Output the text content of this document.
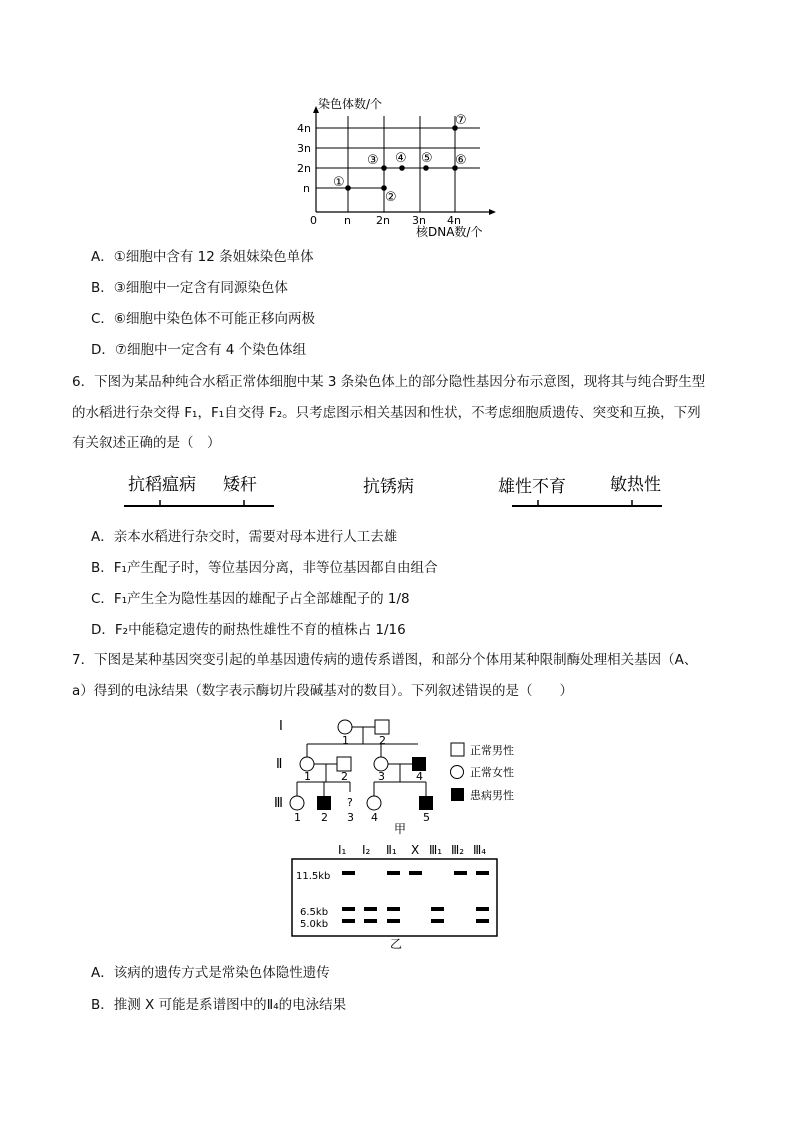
染色体数/个
0 n 2n 3n 4n
核DNA数/个
n
2n
3n
4n
①
②
③ ④ ⑤ ⑥
⑦
A．①细胞中含有 12 条姐妹染色单体
B．③细胞中一定含有同源染色体
C．⑥细胞中染色体不可能正移向两极
D．⑦细胞中一定含有 4 个染色体组
6．下图为某品种纯合水稻正常体细胞中某 3 条染色体上的部分隐性基因分布示意图，现将其与纯合野生型
的水稻进行杂交得 F₁，F₁自交得 F₂。只考虑图示相关基因和性状，不考虑细胞质遗传、突变和互换，下列
有关叙述正确的是（　）
抗稻瘟病 矮秆	抗锈病	雄性不育	敏热性
A．亲本水稻进行杂交时，需要对母本进行人工去雄
B．F₁产生配子时，等位基因分离，非等位基因都自由组合
C．F₁产生全为隐性基因的雄配子占全部雄配子的 1/8
D．F₂中能稳定遗传的耐热性雄性不育的植株占 1/16
7．下图是某种基因突变引起的单基因遗传病的遗传系谱图，和部分个体用某种限制酶处理相关基因（A、
a）得到的电泳结果（数字表示酶切片段碱基对的数目）。下列叙述错误的是（　　）
Ⅰ
Ⅱ
Ⅲ
1	2
1	2	3	4
1 2 3 4	5
?
正常男性
正常女性
患病男性
甲
Ⅰ₁ Ⅰ₂ Ⅱ₁ X Ⅲ₁ Ⅲ₂ Ⅲ₄
11.5kb
6.5kb
5.0kb
乙
A．该病的遗传方式是常染色体隐性遗传
B．推测 X 可能是系谱图中的Ⅱ₄的电泳结果
